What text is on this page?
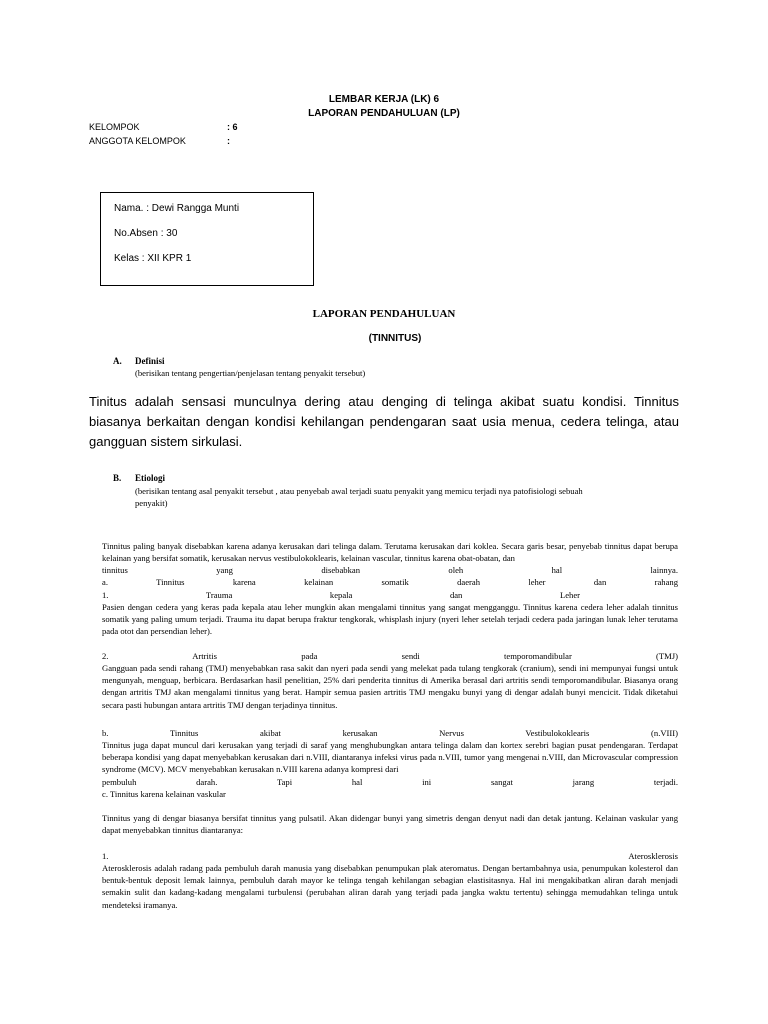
LEMBAR KERJA (LK) 6
LAPORAN PENDAHULUAN (LP)
KELOMPOK	: 6
ANGGOTA KELOMPOK	:
Nama. : Dewi Rangga Munti
No.Absen : 30
Kelas : XII KPR 1
LAPORAN PENDAHULUAN
(TINNITUS)
A. Definisi
(berisikan tentang pengertian/penjelasan tentang penyakit tersebut)

Tinitus adalah sensasi munculnya dering atau denging di telinga akibat suatu kondisi. Tinnitus biasanya berkaitan dengan kondisi kehilangan pendengaran saat usia menua, cedera telinga, atau gangguan sistem sirkulasi.

B. Etiologi
(berisikan tentang asal penyakit tersebut , atau penyebab awal terjadi suatu penyakit yang memicu terjadi nya patofisiologi sebuah
penyakit)

Tinnitus paling banyak disebabkan karena adanya kerusakan dari telinga dalam. Terutama kerusakan dari koklea. Secara garis besar, penyebab tinnitus dapat berupa kelainan yang bersifat somatik, kerusakan nervus vestibulokoklearis, kelainan vascular, tinnitus karena obat-obatan, dan

tinnitus yang disebabkan oleh hal lainnya.

a. Tinnitus karena kelainan somatik daerah leher dan rahang

1. Trauma kepala dan Leher

Pasien dengan cedera yang keras pada kepala atau leher mungkin akan mengalami tinnitus yang sangat mengganggu. Tinnitus karena cedera leher adalah tinnitus somatik yang paling umum terjadi. Trauma itu dapat berupa fraktur tengkorak, whisplash injury (nyeri leher setelah terjadi cedera pada jaringan lunak leher terutama pada otot dan persendian leher).

2. Artritis pada sendi temporomandibular (TMJ)

Gangguan pada sendi rahang (TMJ) menyebabkan rasa sakit dan nyeri pada sendi yang melekat pada tulang tengkorak (cranium), sendi ini mempunyai fungsi untuk mengunyah, menguap, berbicara. Berdasarkan hasil penelitian, 25% dari penderita tinnitus di Amerika berasal dari artritis sendi temporomandibular. Biasanya orang dengan artritis TMJ akan mengalami tinnitus yang berat. Hampir semua pasien artritis TMJ mengaku bunyi yang di dengar adalah bunyi mencicit. Tidak diketahui secara pasti hubungan antara artritis TMJ dengan terjadinya tinnitus.

b. Tinnitus akibat kerusakan Nervus Vestibulokoklearis (n.VIII)

Tinnitus juga dapat muncul dari kerusakan yang terjadi di saraf yang menghubungkan antara telinga dalam dan kortex serebri bagian pusat pendengaran. Terdapat beberapa kondisi yang dapat menyebabkan kerusakan dari n.VIII, diantaranya infeksi virus pada n.VIII, tumor yang mengenai n.VIII, dan Microvascular compression syndrome (MCV). MCV menyebabkan kerusakan n.VIII karena adanya kompresi dari

pembuluh darah. Tapi hal ini sangat jarang terjadi.

c. Tinnitus karena kelainan vaskular

Tinnitus yang di dengar biasanya bersifat tinnitus yang pulsatil. Akan didengar bunyi yang simetris dengan denyut nadi dan detak jantung. Kelainan vaskular yang dapat menyebabkan tinnitus diantaranya:

1. Aterosklerosis

Aterosklerosis adalah radang pada pembuluh darah manusia yang disebabkan penumpukan plak ateromatus. Dengan bertambahnya usia, penumpukan kolesterol dan bentuk-bentuk deposit lemak lainnya, pembuluh darah mayor ke telinga tengah kehilangan sebagian elastisitasnya. Hal ini mengakibatkan aliran darah menjadi semakin sulit dan kadang-kadang mengalami turbulensi (perubahan aliran darah yang terjadi pada jangka waktu tertentu) sehingga memudahkan telinga untuk mendeteksi iramanya.
